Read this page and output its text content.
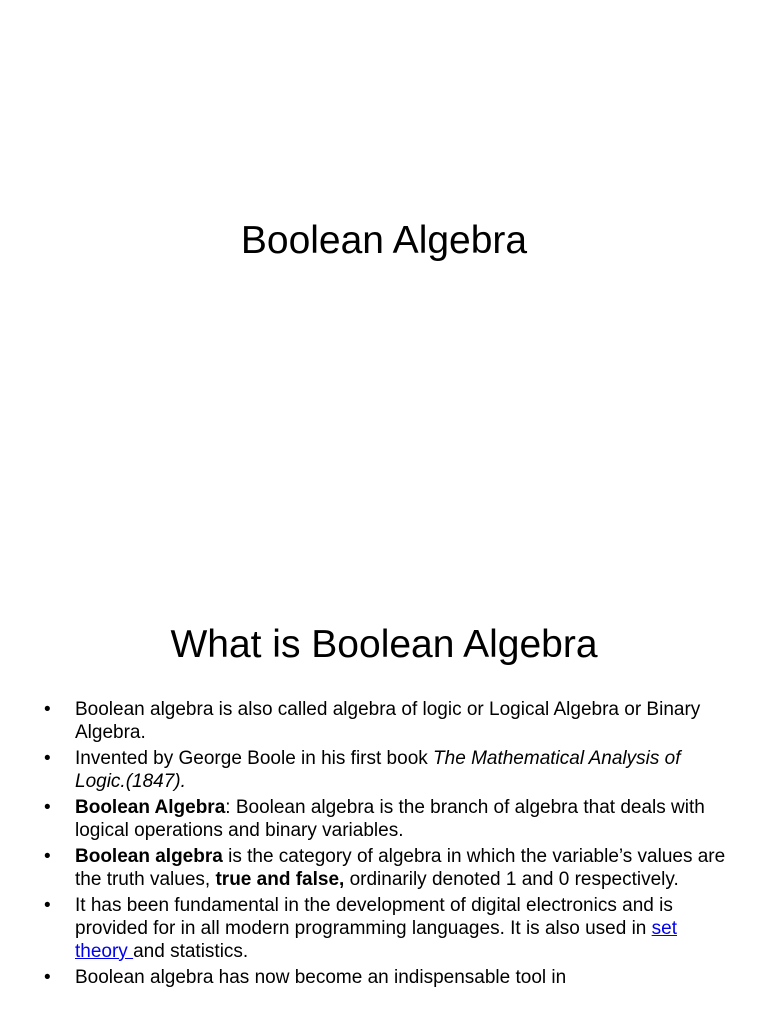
Boolean Algebra
What is Boolean Algebra
• Boolean algebra is also called algebra of logic or Logical Algebra or Binary Algebra.
• Invented by George Boole in his first book The Mathematical Analysis of Logic.(1847).
• Boolean Algebra: Boolean algebra is the branch of algebra that deals with logical operations and binary variables.
• Boolean algebra is the category of algebra in which the variable’s values are the truth values, true and false, ordinarily denoted 1 and 0 respectively.
• It has been fundamental in the development of digital electronics and is provided for in all modern programming languages. It is also used in set theory and statistics.
• Boolean algebra has now become an indispensable tool in
